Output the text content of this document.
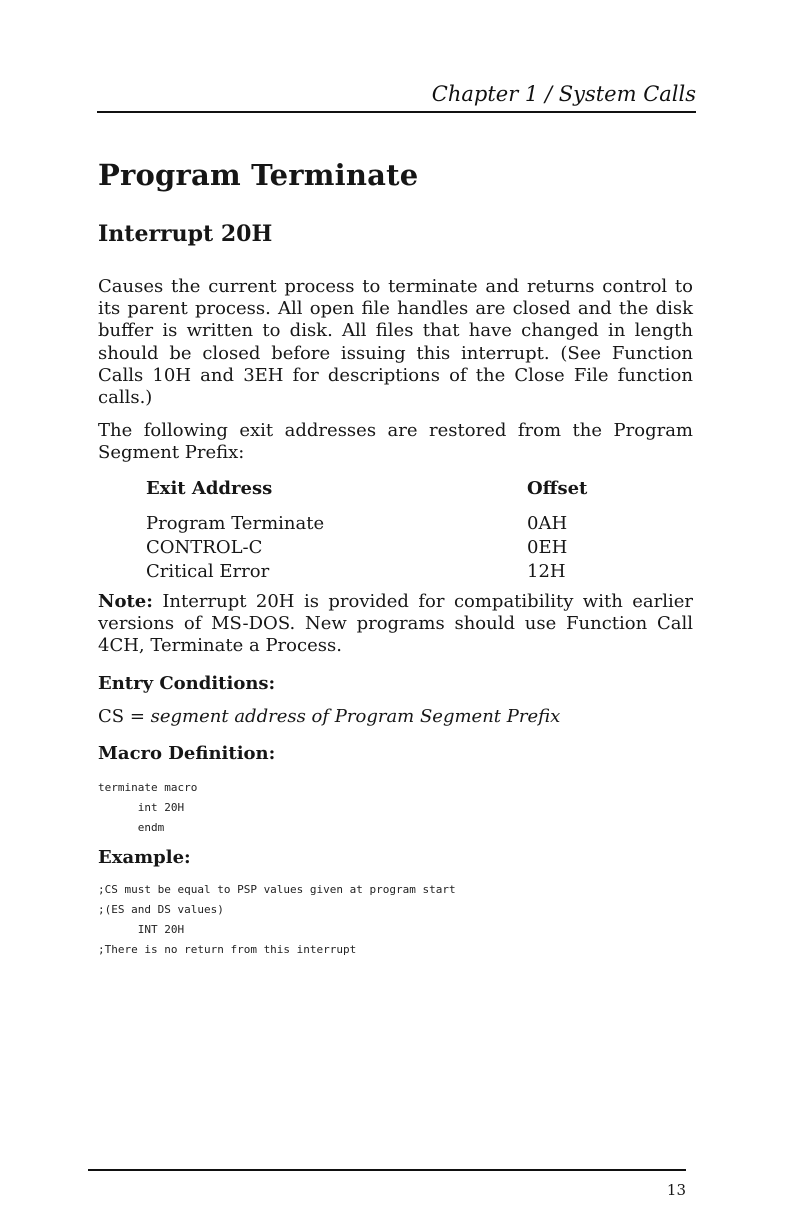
Chapter 1 / System Calls
Program Terminate
Interrupt 20H

Causes the current process to terminate and returns control to its parent process. All open file handles are closed and the disk buffer is written to disk. All files that have changed in length should be closed before issuing this interrupt. (See Function Calls 10H and 3EH for descriptions of the Close File function calls.)

The following exit addresses are restored from the Program Segment Prefix:

Exit Address	Offset
Program Terminate	0AH
CONTROL-C	0EH
Critical Error	12H

Note: Interrupt 20H is provided for compatibility with earlier versions of MS-DOS. New programs should use Function Call 4CH, Terminate a Process.

Entry Conditions:
CS = segment address of Program Segment Prefix
Macro Definition:
terminate macro
int 20H
endm
Example:
;CS must be equal to PSP values given at program start
;(ES and DS values)
INT 20H
;There is no return from this interrupt
13
